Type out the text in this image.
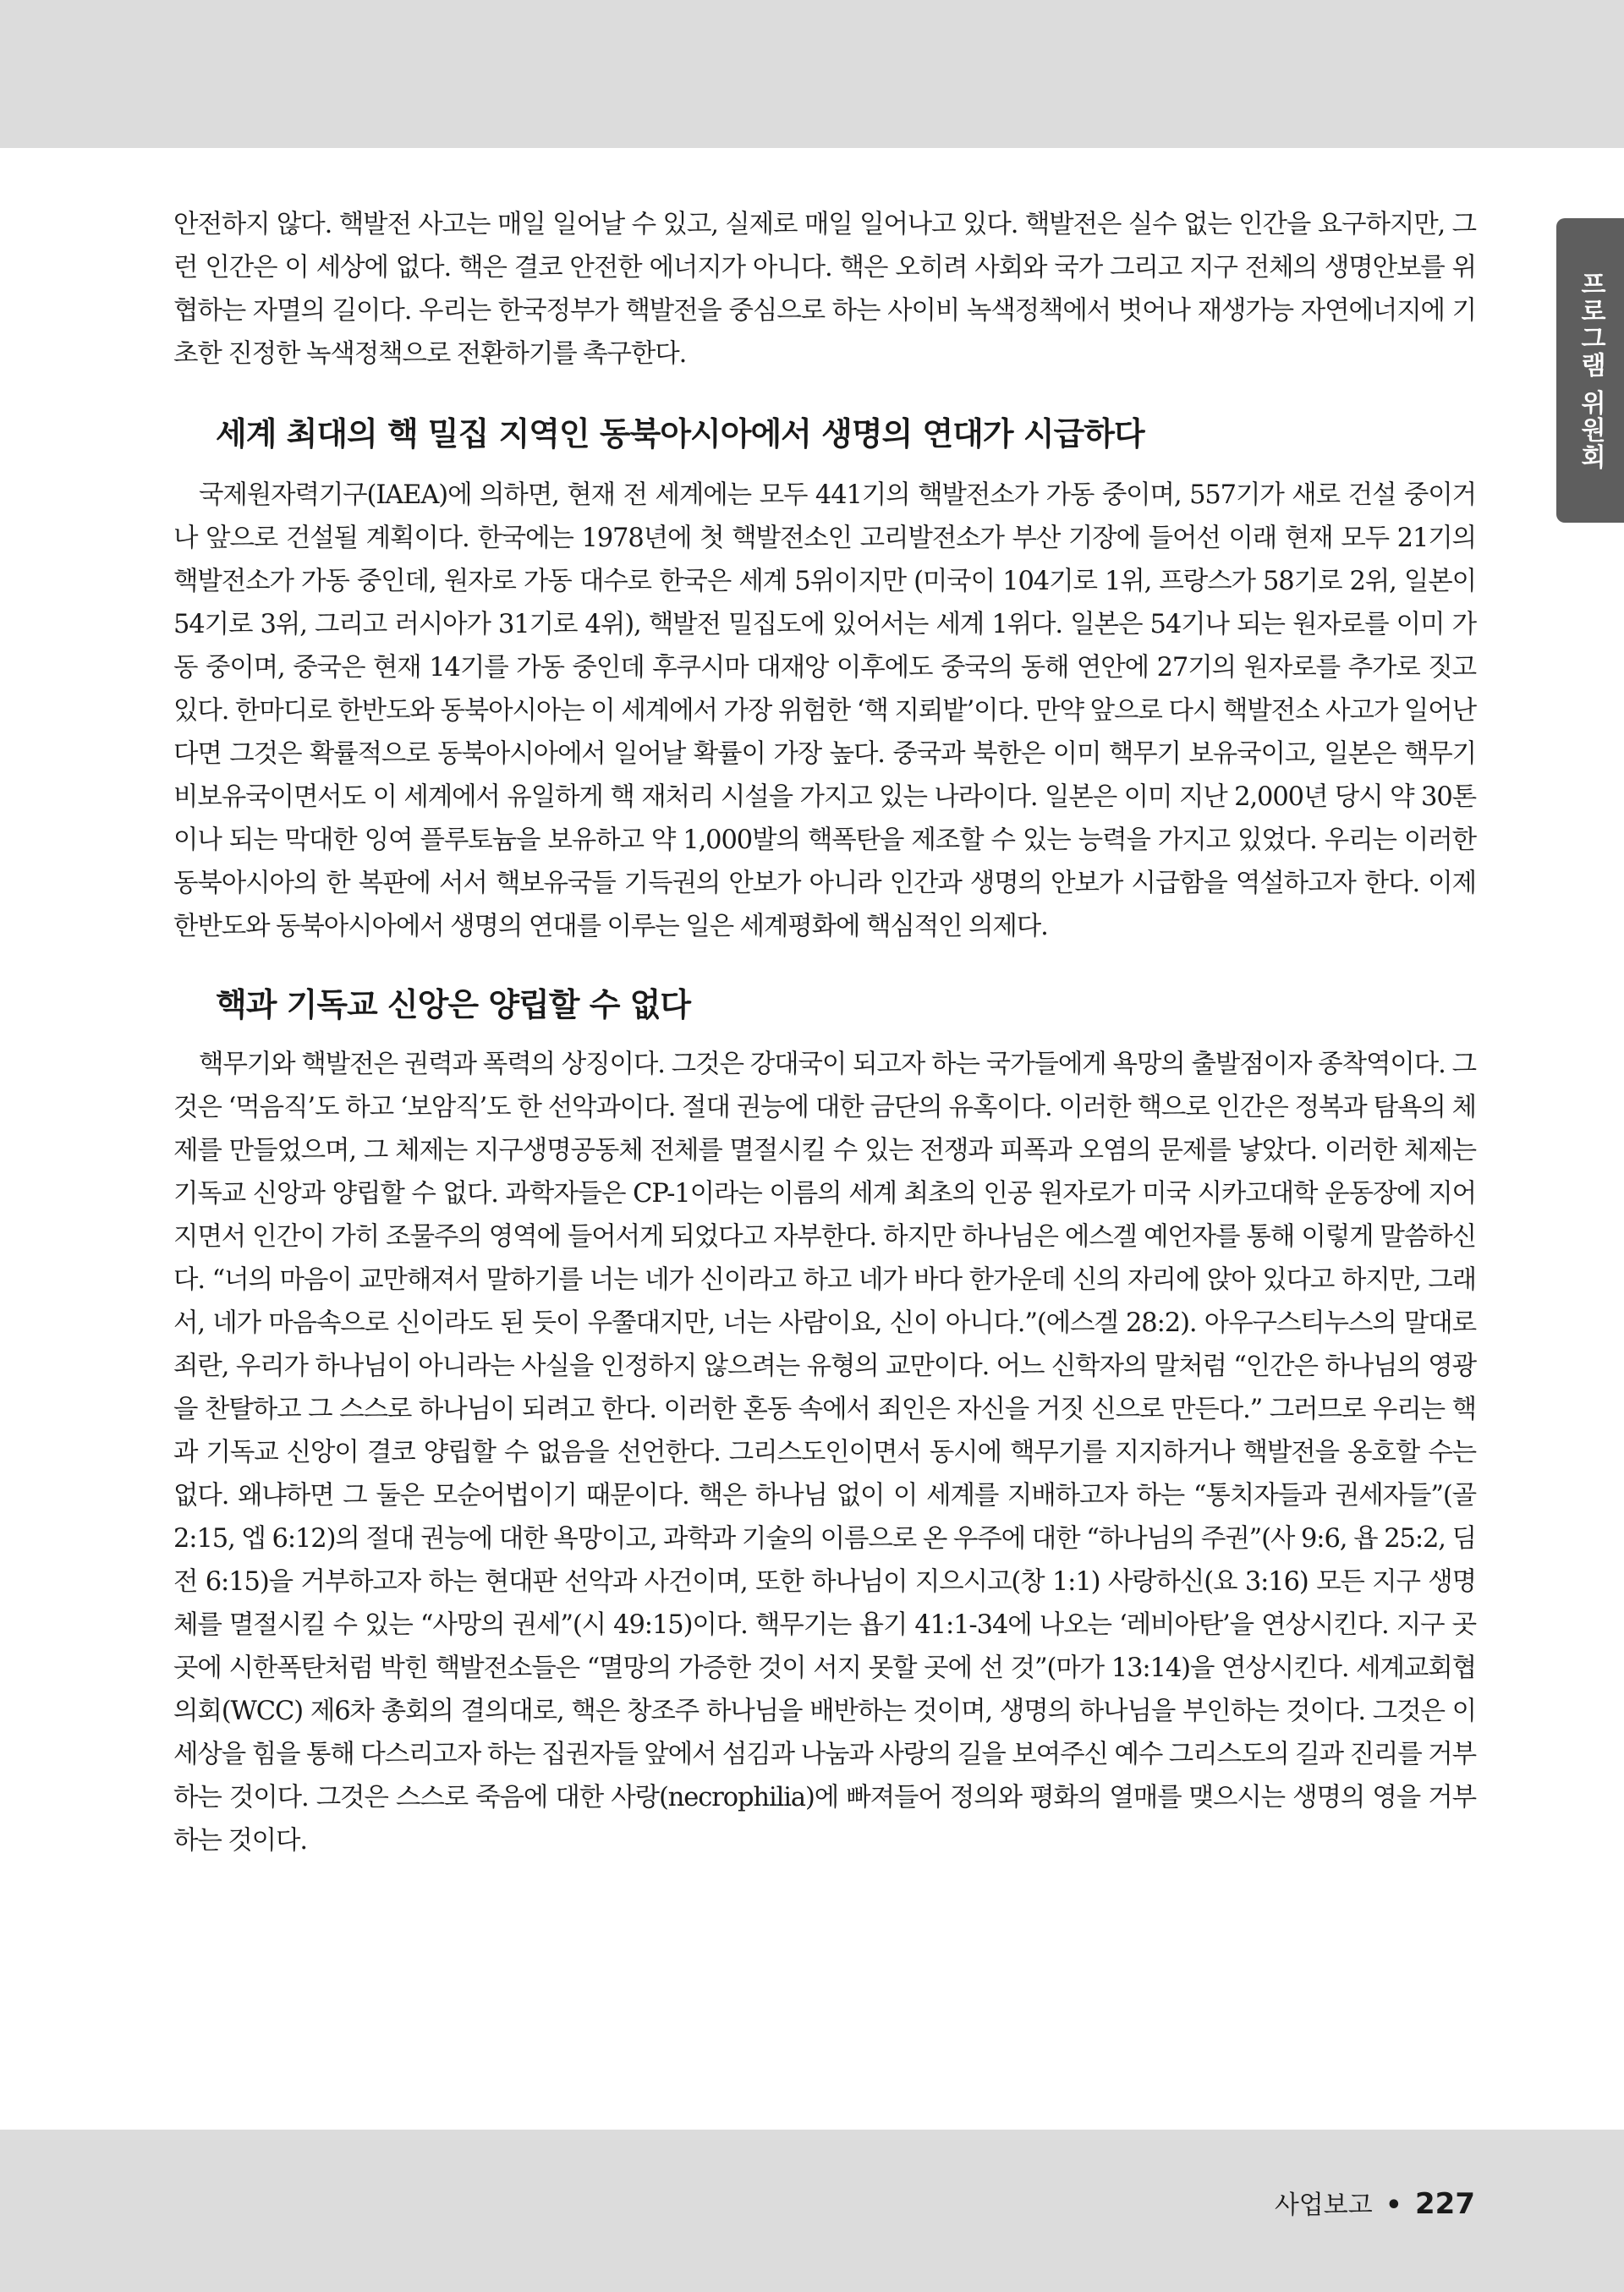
프로그램 위원회

안전하지 않다. 핵발전 사고는 매일 일어날 수 있고, 실제로 매일 일어나고 있다. 핵발전은 실수 없는 인간을 요구하지만, 그런 인간은 이 세상에 없다. 핵은 결코 안전한 에너지가 아니다. 핵은 오히려 사회와 국가 그리고 지구 전체의 생명안보를 위협하는 자멸의 길이다. 우리는 한국정부가 핵발전을 중심으로 하는 사이비 녹색정책에서 벗어나 재생가능 자연에너지에 기초한 진정한 녹색정책으로 전환하기를 촉구한다.

세계 최대의 핵 밀집 지역인 동북아시아에서 생명의 연대가 시급하다

국제원자력기구(IAEA)에 의하면, 현재 전 세계에는 모두 441기의 핵발전소가 가동 중이며, 557기가 새로 건설 중이거나 앞으로 건설될 계획이다. 한국에는 1978년에 첫 핵발전소인 고리발전소가 부산 기장에 들어선 이래 현재 모두 21기의 핵발전소가 가동 중인데, 원자로 가동 대수로 한국은 세계 5위이지만 (미국이 104기로 1위, 프랑스가 58기로 2위, 일본이 54기로 3위, 그리고 러시아가 31기로 4위), 핵발전 밀집도에 있어서는 세계 1위다. 일본은 54기나 되는 원자로를 이미 가동 중이며, 중국은 현재 14기를 가동 중인데 후쿠시마 대재앙 이후에도 중국의 동해 연안에 27기의 원자로를 추가로 짓고 있다. 한마디로 한반도와 동북아시아는 이 세계에서 가장 위험한 ‘핵 지뢰밭’이다. 만약 앞으로 다시 핵발전소 사고가 일어난다면 그것은 확률적으로 동북아시아에서 일어날 확률이 가장 높다. 중국과 북한은 이미 핵무기 보유국이고, 일본은 핵무기 비보유국이면서도 이 세계에서 유일하게 핵 재처리 시설을 가지고 있는 나라이다. 일본은 이미 지난 2,000년 당시 약 30톤이나 되는 막대한 잉여 플루토늄을 보유하고 약 1,000발의 핵폭탄을 제조할 수 있는 능력을 가지고 있었다. 우리는 이러한 동북아시아의 한 복판에 서서 핵보유국들 기득권의 안보가 아니라 인간과 생명의 안보가 시급함을 역설하고자 한다. 이제 한반도와 동북아시아에서 생명의 연대를 이루는 일은 세계평화에 핵심적인 의제다.

핵과 기독교 신앙은 양립할 수 없다

핵무기와 핵발전은 권력과 폭력의 상징이다. 그것은 강대국이 되고자 하는 국가들에게 욕망의 출발점이자 종착역이다. 그것은 ‘먹음직’도 하고 ‘보암직’도 한 선악과이다. 절대 권능에 대한 금단의 유혹이다. 이러한 핵으로 인간은 정복과 탐욕의 체제를 만들었으며, 그 체제는 지구생명공동체 전체를 멸절시킬 수 있는 전쟁과 피폭과 오염의 문제를 낳았다. 이러한 체제는 기독교 신앙과 양립할 수 없다. 과학자들은 CP-1이라는 이름의 세계 최초의 인공 원자로가 미국 시카고대학 운동장에 지어지면서 인간이 가히 조물주의 영역에 들어서게 되었다고 자부한다. 하지만 하나님은 에스겔 예언자를 통해 이렇게 말씀하신다. “너의 마음이 교만해져서 말하기를 너는 네가 신이라고 하고 네가 바다 한가운데 신의 자리에 앉아 있다고 하지만, 그래서, 네가 마음속으로 신이라도 된 듯이 우쭐대지만, 너는 사람이요, 신이 아니다.”(에스겔 28:2). 아우구스티누스의 말대로 죄란, 우리가 하나님이 아니라는 사실을 인정하지 않으려는 유형의 교만이다. 어느 신학자의 말처럼 “인간은 하나님의 영광을 찬탈하고 그 스스로 하나님이 되려고 한다. 이러한 혼동 속에서 죄인은 자신을 거짓 신으로 만든다.” 그러므로 우리는 핵과 기독교 신앙이 결코 양립할 수 없음을 선언한다. 그리스도인이면서 동시에 핵무기를 지지하거나 핵발전을 옹호할 수는 없다. 왜냐하면 그 둘은 모순어법이기 때문이다. 핵은 하나님 없이 이 세계를 지배하고자 하는 “통치자들과 권세자들”(골 2:15, 엡 6:12)의 절대 권능에 대한 욕망이고, 과학과 기술의 이름으로 온 우주에 대한 “하나님의 주권”(사 9:6, 욥 25:2, 딤전 6:15)을 거부하고자 하는 현대판 선악과 사건이며, 또한 하나님이 지으시고(창 1:1) 사랑하신(요 3:16) 모든 지구 생명체를 멸절시킬 수 있는 “사망의 권세”(시 49:15)이다. 핵무기는 욥기 41:1-34에 나오는 ‘레비아탄’을 연상시킨다. 지구 곳곳에 시한폭탄처럼 박힌 핵발전소들은 “멸망의 가증한 것이 서지 못할 곳에 선 것”(마가 13:14)을 연상시킨다. 세계교회협의회(WCC) 제6차 총회의 결의대로, 핵은 창조주 하나님을 배반하는 것이며, 생명의 하나님을 부인하는 것이다. 그것은 이 세상을 힘을 통해 다스리고자 하는 집권자들 앞에서 섬김과 나눔과 사랑의 길을 보여주신 예수 그리스도의 길과 진리를 거부하는 것이다. 그것은 스스로 죽음에 대한 사랑(necrophilia)에 빠져들어 정의와 평화의 열매를 맺으시는 생명의 영을 거부하는 것이다.

사업보고 • 227
